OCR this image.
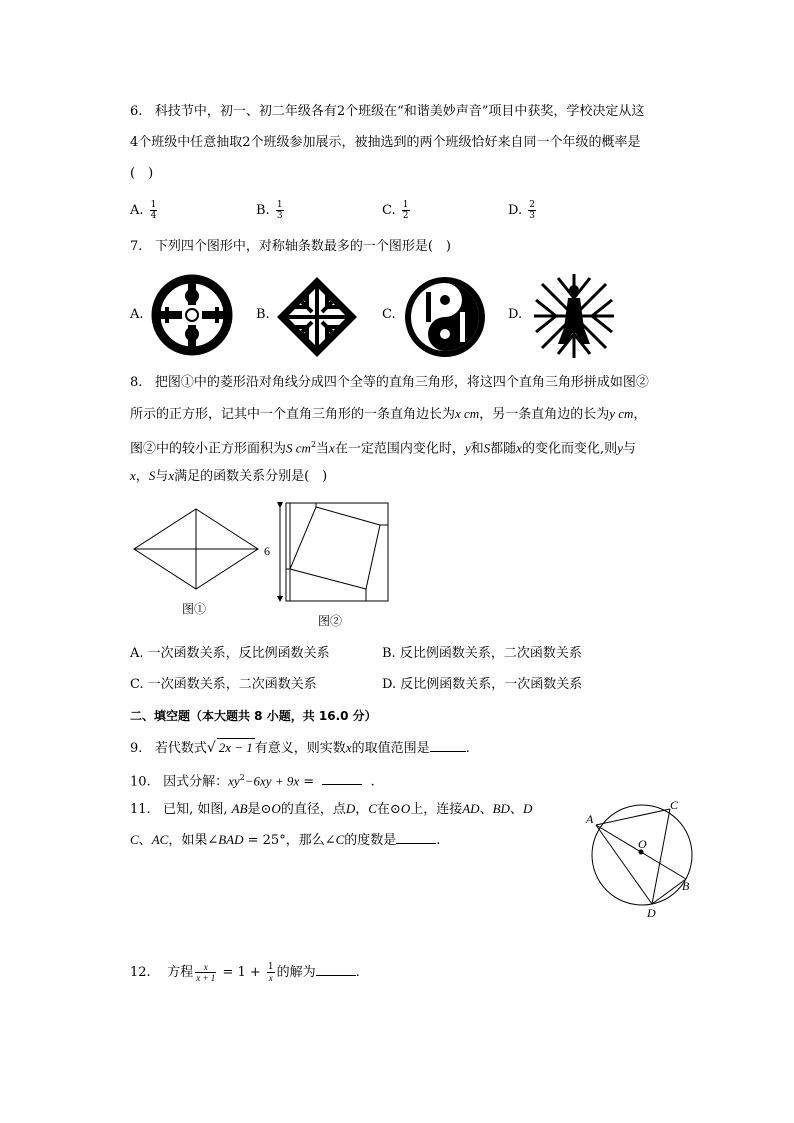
6. 科技节中，初一、初二年级各有2个班级在“和谐美妙声音”项目中获奖，学校决定从这
4个班级中任意抽取2个班级参加展示，被抽选到的两个班级恰好来自同一个年级的概率是
(　)
A. $\frac{1}{4}$	B. $\frac{1}{3}$	C. $\frac{1}{2}$	D. $\frac{2}{3}$
7. 下列四个图形中，对称轴条数最多的一个图形是(　)
A.	B.	C.	D.
8. 把图①中的菱形沿对角线分成四个全等的直角三角形，将这四个直角三角形拼成如图②
所示的正方形，记其中一个直角三角形的一条直角边长为x cm，另一条直角边的长为y cm，
图②中的较小正方形面积为S $cm^2$当x在一定范围内变化时，y和S都随x的变化而变化,则y与
x，S与x满足的函数关系分别是(　)
图①
6
图②
A. 一次函数关系，反比例函数关系	B. 反比例函数关系，二次函数关系
C. 一次函数关系，二次函数关系	D. 反比例函数关系，一次函数关系
二、填空题（本大题共 8 小题，共 16.0 分）
9. 若代数式√ 2x − 1 有意义，则实数x的取值范围是	.
10. 因式分解：$xy^2-6xy + 9x$ =	.
11. 已知, 如图, AB是⊙O的直径，点D，C在⊙O上，连接AD、BD、D
C、AC，如果∠BAD = 25°，那么∠C的度数是	.
A
C
O
B
D
12. 方程 $\frac{x}{x + 1} = 1 + \frac{1}{x}$ 的解为	.
